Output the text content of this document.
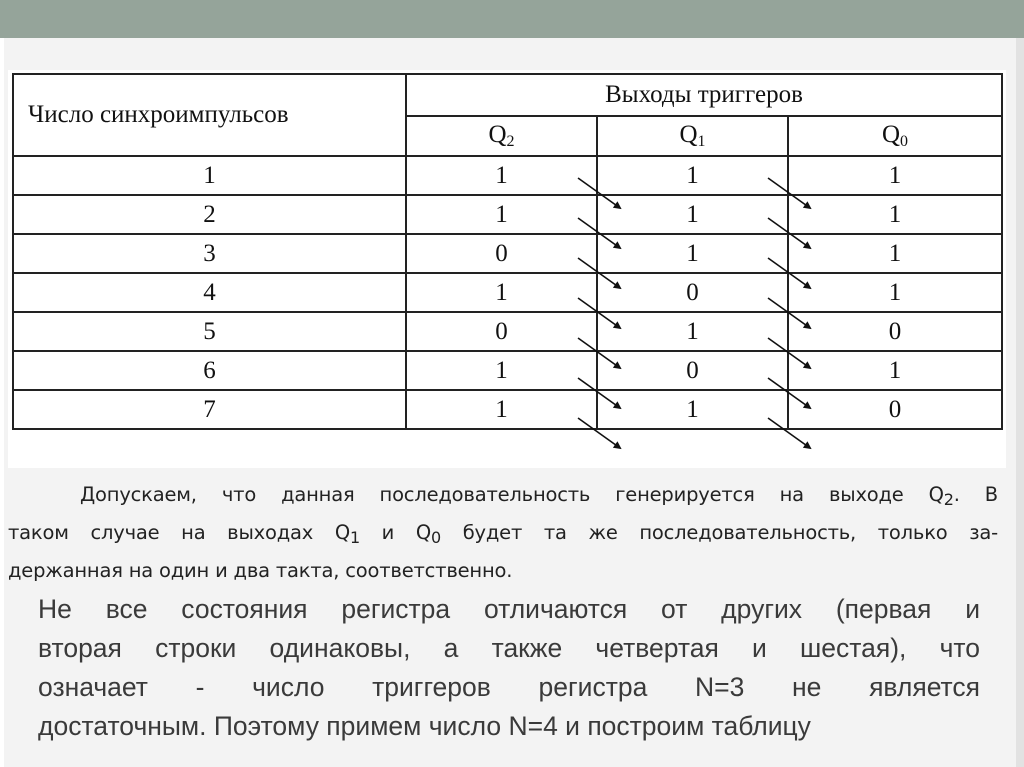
Число синхроимпульсов	Выходы триггеров		
	$Q_2$	$Q_1$	$Q_0$
1	1	1	1
2	1	1	1
3	0	1	1
4	1	0	1
5	0	1	0
6	1	0	1
7	1	1	0
Допускаем, что данная последовательность генерируется на выходе $Q_2$. В
таком случае на выходах $Q_1$ и $Q_0$ будет та же последовательность, только за-
держанная на один и два такта, соответственно.
Не все состояния регистра отличаются от других (первая и
вторая строки одинаковы, а также четвертая и шестая), что
означает - число триггеров регистра N=3 не является
достаточным. Поэтому примем число N=4 и построим таблицу
